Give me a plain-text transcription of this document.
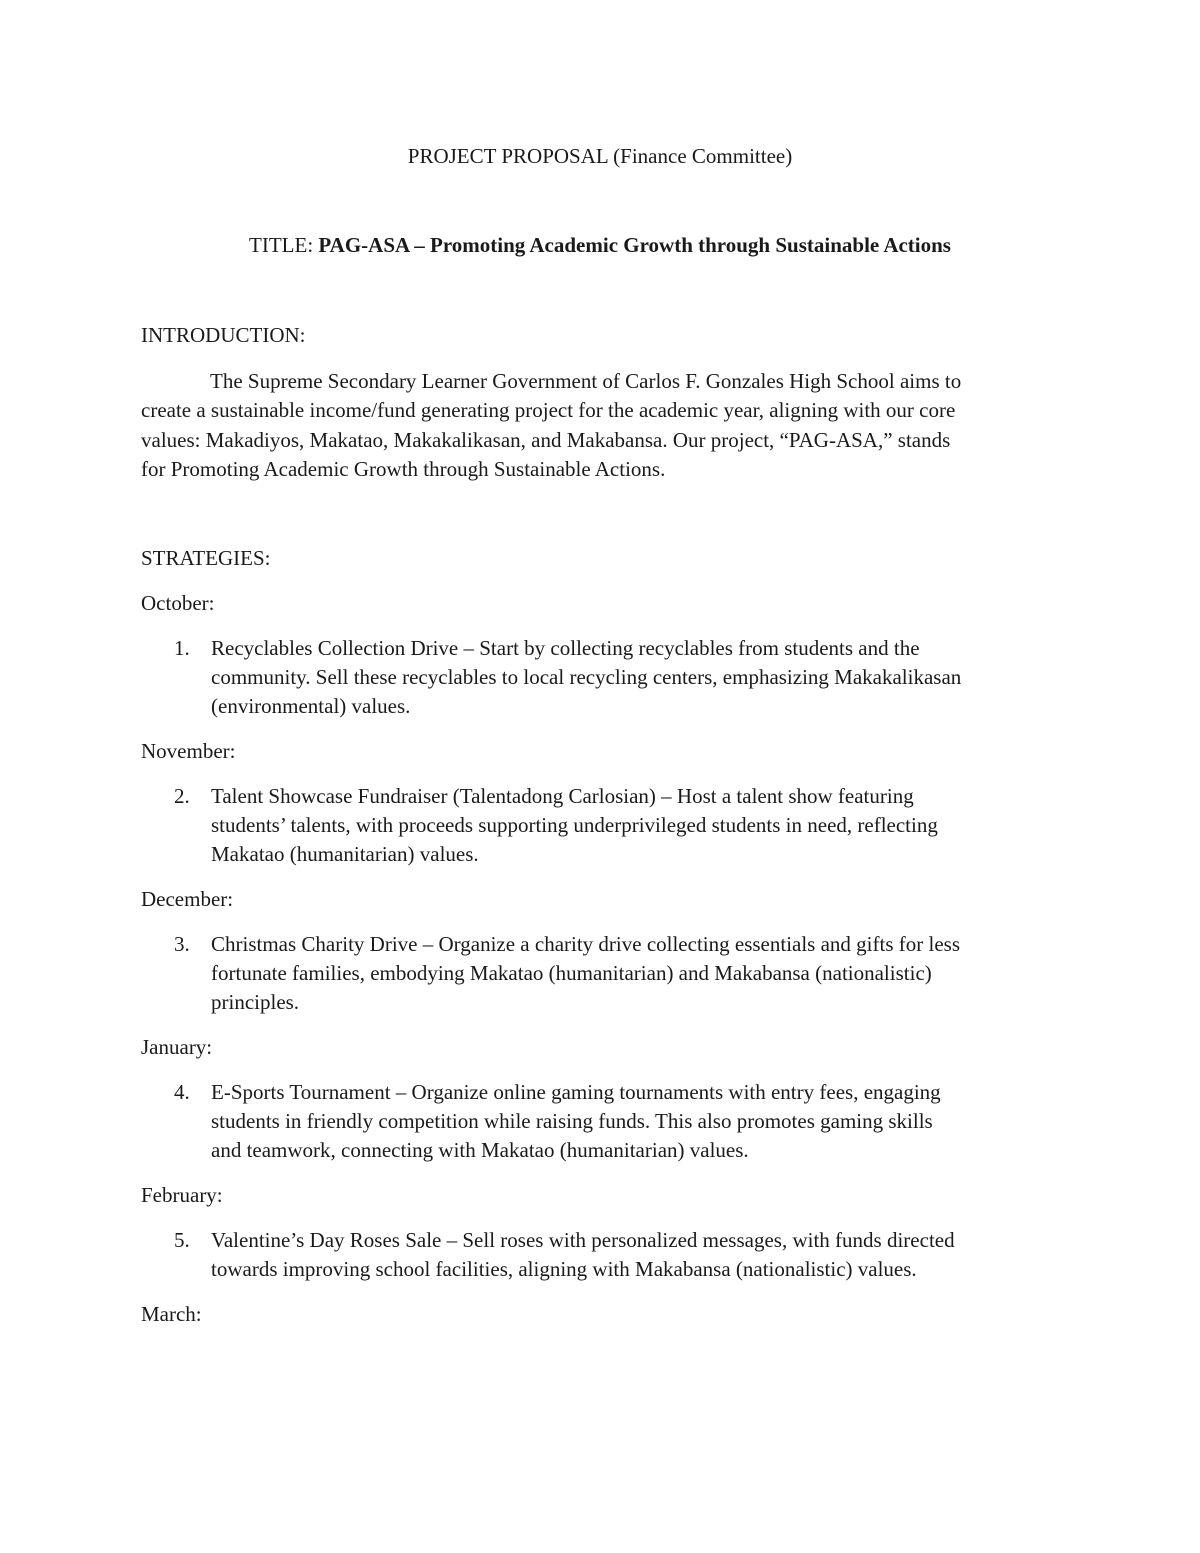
PROJECT PROPOSAL (Finance Committee)
TITLE: PAG-ASA – Promoting Academic Growth through Sustainable Actions
INTRODUCTION:
The Supreme Secondary Learner Government of Carlos F. Gonzales High School aims to
create a sustainable income/fund generating project for the academic year, aligning with our core
values: Makadiyos, Makatao, Makakalikasan, and Makabansa. Our project, “PAG-ASA,” stands
for Promoting Academic Growth through Sustainable Actions.
STRATEGIES:
October:
1.	Recyclables Collection Drive – Start by collecting recyclables from students and the
community. Sell these recyclables to local recycling centers, emphasizing Makakalikasan
(environmental) values.
November:
2.	Talent Showcase Fundraiser (Talentadong Carlosian) – Host a talent show featuring
students’ talents, with proceeds supporting underprivileged students in need, reflecting
Makatao (humanitarian) values.
December:
3.	Christmas Charity Drive – Organize a charity drive collecting essentials and gifts for less
fortunate families, embodying Makatao (humanitarian) and Makabansa (nationalistic)
principles.
January:
4.	E-Sports Tournament – Organize online gaming tournaments with entry fees, engaging
students in friendly competition while raising funds. This also promotes gaming skills
and teamwork, connecting with Makatao (humanitarian) values.
February:
5.	Valentine’s Day Roses Sale – Sell roses with personalized messages, with funds directed
towards improving school facilities, aligning with Makabansa (nationalistic) values.
March:
